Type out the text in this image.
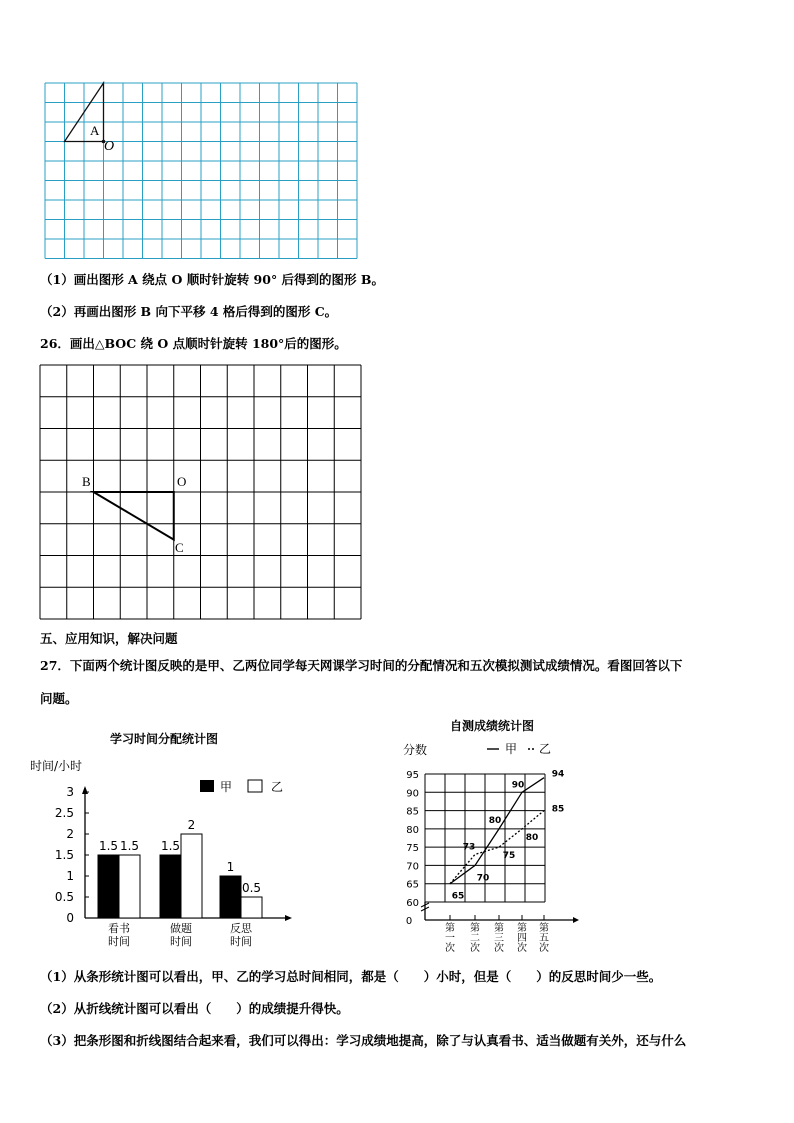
A
O
（1）画出图形 A 绕点 O 顺时针旋转 90° 后得到的图形 B。
（2）再画出图形 B 向下平移 4 格后得到的图形 C。
26．画出△BOC 绕 O 点顺时针旋转 180°后的图形。
B	O
C
五、应用知识，解决问题
27．下面两个统计图反映的是甲、乙两位同学每天网课学习时间的分配情况和五次模拟测试成绩情况。看图回答以下
问题。
学习时间分配统计图
时间/小时
0
0.5
1
1.5
2
2.5
3	甲	乙
1.5 1.5
看书
时间
1.5
2
做题
时间
1
0.5
反思
时间
自测成绩统计图
分数	甲 乙
60
65
70
75
80
85
90
95
0
第
一
次
第
二
次
第
三
次
第
四
次
第
五
次
65
70
80
90
94
73
75
80
85
（1）从条形统计图可以看出，甲、乙的学习总时间相同，都是（　　）小时，但是（　　）的反思时间少一些。
（2）从折线统计图可以看出（　　）的成绩提升得快。
（3）把条形图和折线图结合起来看，我们可以得出：学习成绩地提高，除了与认真看书、适当做题有关外，还与什么
